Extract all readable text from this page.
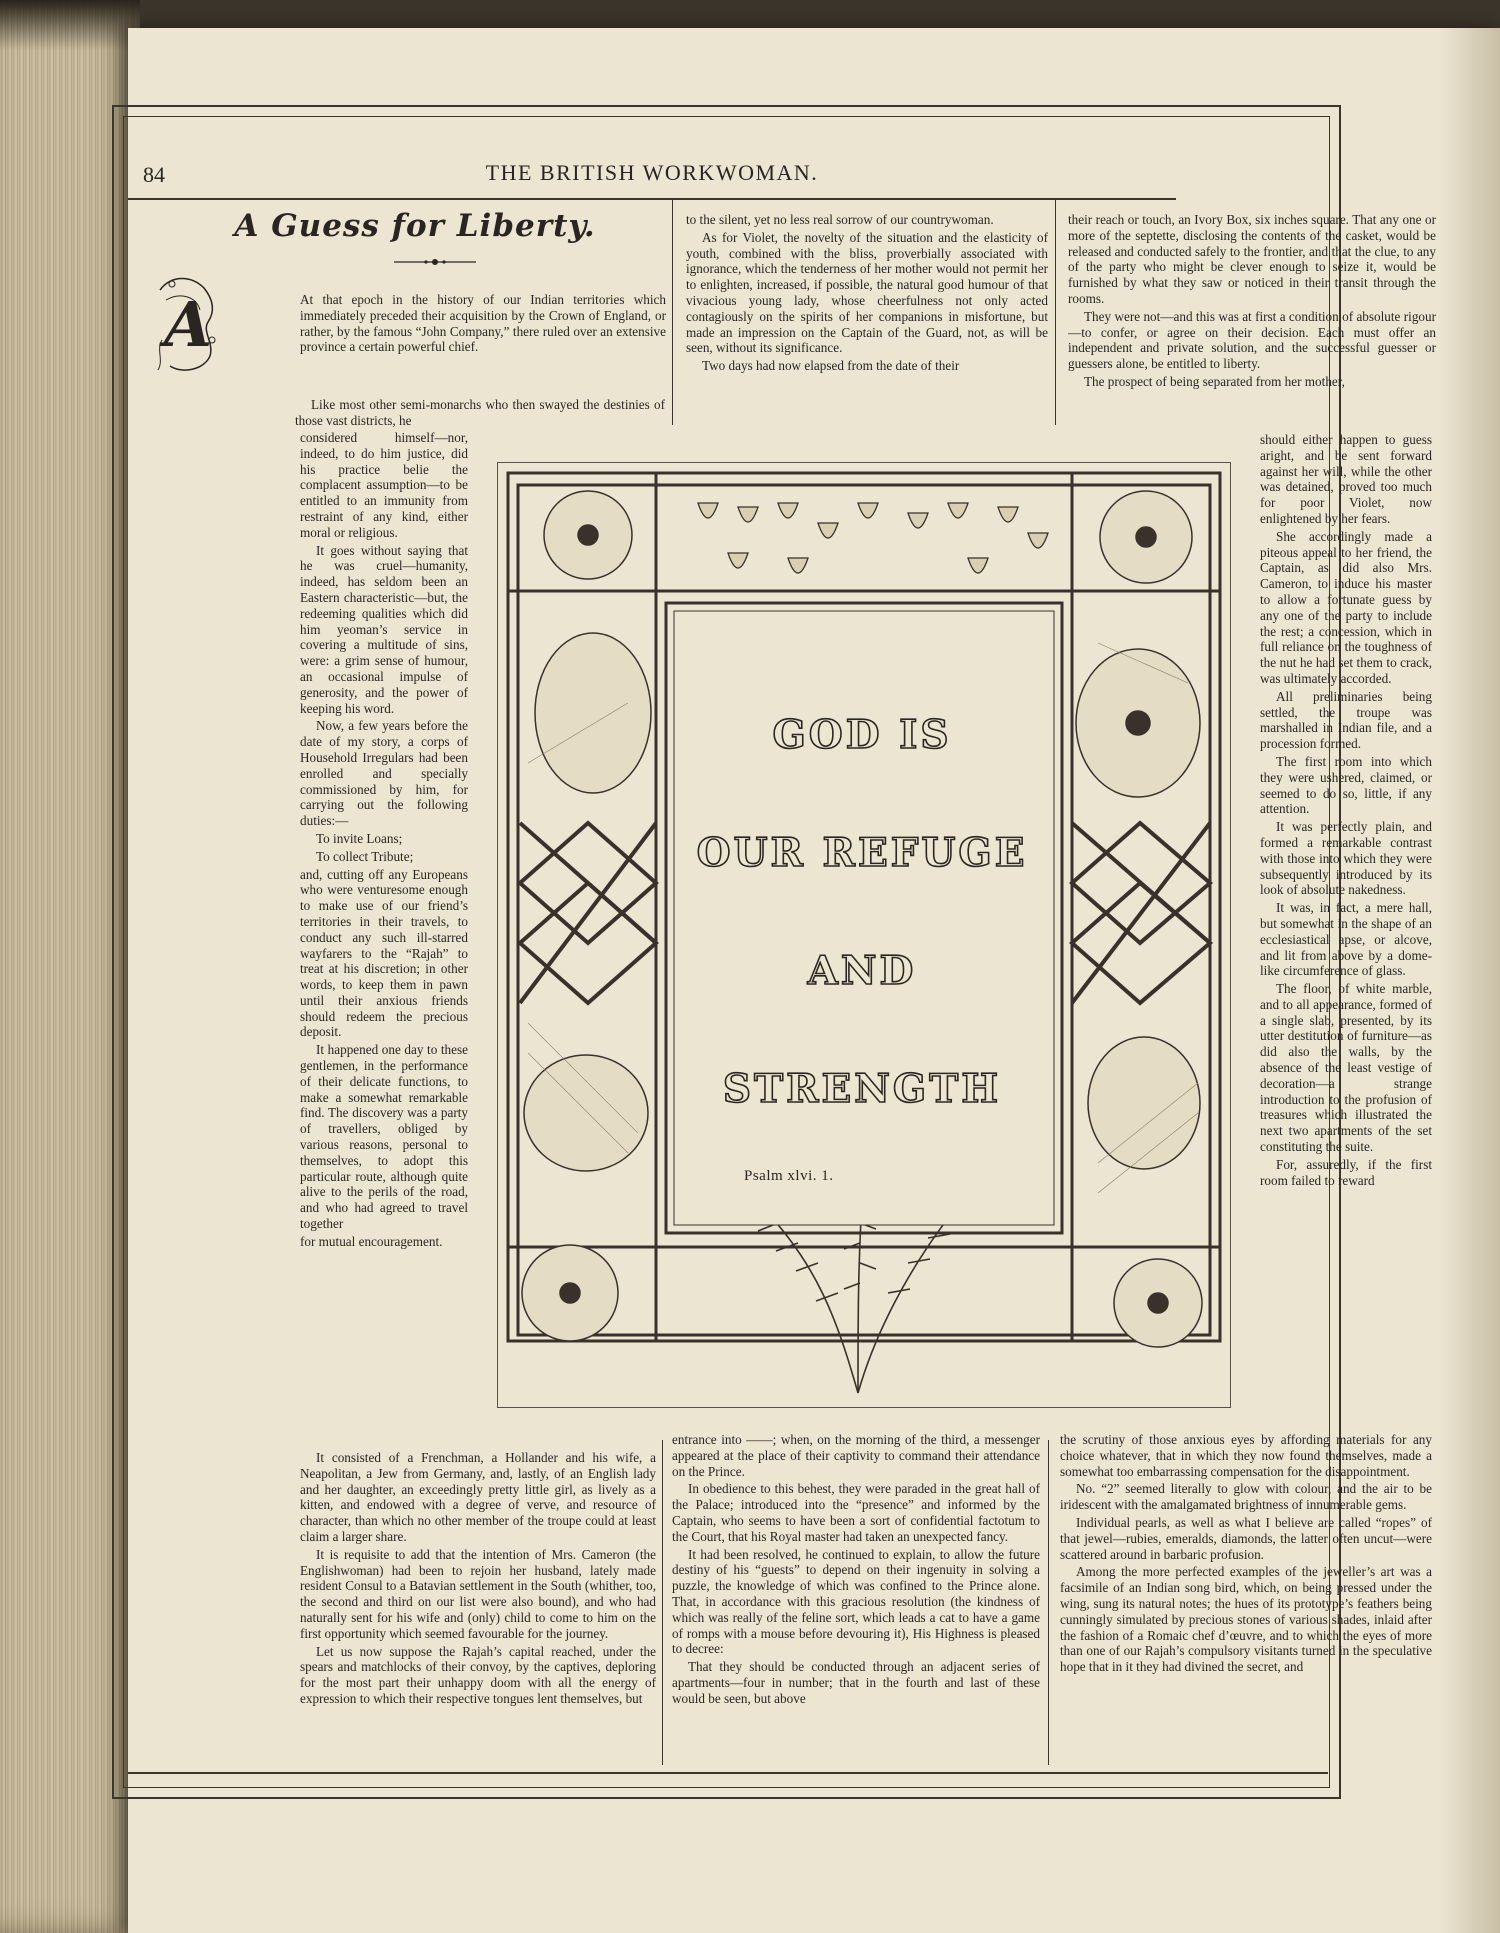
84	THE BRITISH WORKWOMAN.
A Guess for Liberty.
A	At that epoch in the history of our Indian territories which immediately preceded their acquisition by the Crown of England, or rather, by the famous “John Company,” there ruled over an extensive province a certain powerful chief.

Like most other semi-monarchs who then swayed the destinies of those vast districts, he

considered himself—nor, indeed, to do him justice, did his practice belie the complacent assumption—to be entitled to an immunity from restraint of any kind, either moral or religious.

It goes without saying that he was cruel—humanity, indeed, has seldom been an Eastern characteristic—but, the redeeming qualities which did him yeoman’s service in covering a multitude of sins, were: a grim sense of humour, an occasional impulse of generosity, and the power of keeping his word.

Now, a few years before the date of my story, a corps of Household Irregulars had been enrolled and specially commissioned by him, for carrying out the following duties:—

To invite Loans;

To collect Tribute;

and, cutting off any Europeans who were venturesome enough to make use of our friend’s territories in their travels, to conduct any such ill-starred wayfarers to the “Rajah” to treat at his discretion; in other words, to keep them in pawn until their anxious friends should redeem the precious deposit.

It happened one day to these gentlemen, in the performance of their delicate functions, to make a somewhat remarkable find. The discovery was a party of travellers, obliged by various reasons, personal to themselves, to adopt this particular route, although quite alive to the perils of the road, and who had agreed to travel together

for mutual encouragement.

It consisted of a Frenchman, a Hollander and his wife, a Neapolitan, a Jew from Germany, and, lastly, of an English lady and her daughter, an exceedingly pretty little girl, as lively as a kitten, and endowed with a degree of verve, and resource of character, than which no other member of the troupe could at least claim a larger share.

It is requisite to add that the intention of Mrs. Cameron (the Englishwoman) had been to rejoin her husband, lately made resident Consul to a Batavian settlement in the South (whither, too, the second and third on our list were also bound), and who had naturally sent for his wife and (only) child to come to him on the first opportunity which seemed favourable for the journey.

Let us now suppose the Rajah’s capital reached, under the spears and matchlocks of their convoy, by the captives, deploring for the most part their unhappy doom with all the energy of expression to which their respective tongues lent themselves, but

to the silent, yet no less real sorrow of our countrywoman.

As for Violet, the novelty of the situation and the elasticity of youth, combined with the bliss, proverbially associated with ignorance, which the tenderness of her mother would not permit her to enlighten, increased, if possible, the natural good humour of that vivacious young lady, whose cheerfulness not only acted contagiously on the spirits of her companions in misfortune, but made an impression on the Captain of the Guard, not, as will be seen, without its significance.

Two days had now elapsed from the date of their

entrance into ——; when, on the morning of the third, a messenger appeared at the place of their captivity to command their attendance on the Prince.

In obedience to this behest, they were paraded in the great hall of the Palace; introduced into the “presence” and informed by the Captain, who seems to have been a sort of confidential factotum to the Court, that his Royal master had taken an unexpected fancy.

It had been resolved, he continued to explain, to allow the future destiny of his “guests” to depend on their ingenuity in solving a puzzle, the knowledge of which was confined to the Prince alone. That, in accordance with this gracious resolution (the kindness of which was really of the feline sort, which leads a cat to have a game of romps with a mouse before devouring it), His Highness is pleased to decree:

That they should be conducted through an adjacent series of apartments—four in number; that in the fourth and last of these would be seen, but above

their reach or touch, an Ivory Box, six inches square. That any one or more of the septette, disclosing the contents of the casket, would be released and conducted safely to the frontier, and that the clue, to any of the party who might be clever enough to seize it, would be furnished by what they saw or noticed in their transit through the rooms.

They were not—and this was at first a condition of absolute rigour—to confer, or agree on their decision. Each must offer an independent and private solution, and the successful guesser or guessers alone, be entitled to liberty.

The prospect of being separated from her mother,

should either happen to guess aright, and be sent forward against her will, while the other was detained, proved too much for poor Violet, now enlightened by her fears.

She accordingly made a piteous appeal to her friend, the Captain, as did also Mrs. Cameron, to induce his master to allow a fortunate guess by any one of the party to include the rest; a concession, which in full reliance on the toughness of the nut he had set them to crack, was ultimately accorded.

All preliminaries being settled, the troupe was marshalled in Indian file, and a procession formed.

The first room into which they were ushered, claimed, or seemed to do so, little, if any attention.

It was perfectly plain, and formed a remarkable contrast with those into which they were subsequently introduced by its look of absolute nakedness.

It was, in fact, a mere hall, but somewhat in the shape of an ecclesiastical apse, or alcove, and lit from above by a dome-like circumference of glass.

The floor, of white marble, and to all appearance, formed of a single slab, presented, by its utter destitution of furniture—as did also the walls, by the absence of the least vestige of decoration—a strange introduction to the profusion of treasures which illustrated the next two apartments of the set constituting the suite.

For, assuredly, if the first room failed to reward

the scrutiny of those anxious eyes by affording materials for any choice whatever, that in which they now found themselves, made a somewhat too embarrassing compensation for the disappointment.

No. “2” seemed literally to glow with colour, and the air to be iridescent with the amalgamated brightness of innumerable gems.

Individual pearls, as well as what I believe are called “ropes” of that jewel—rubies, emeralds, diamonds, the latter often uncut—were scattered around in barbaric profusion.

Among the more perfected examples of the jeweller’s art was a facsimile of an Indian song bird, which, on being pressed under the wing, sung its natural notes; the hues of its prototype’s feathers being cunningly simulated by precious stones of various shades, inlaid after the fashion of a Romaic chef d’œuvre, and to which the eyes of more than one of our Rajah’s compulsory visitants turned in the speculative hope that in it they had divined the secret, and

GOD IS
OUR REFUGE
AND
STRENGTH
Psalm xlvi. 1.
